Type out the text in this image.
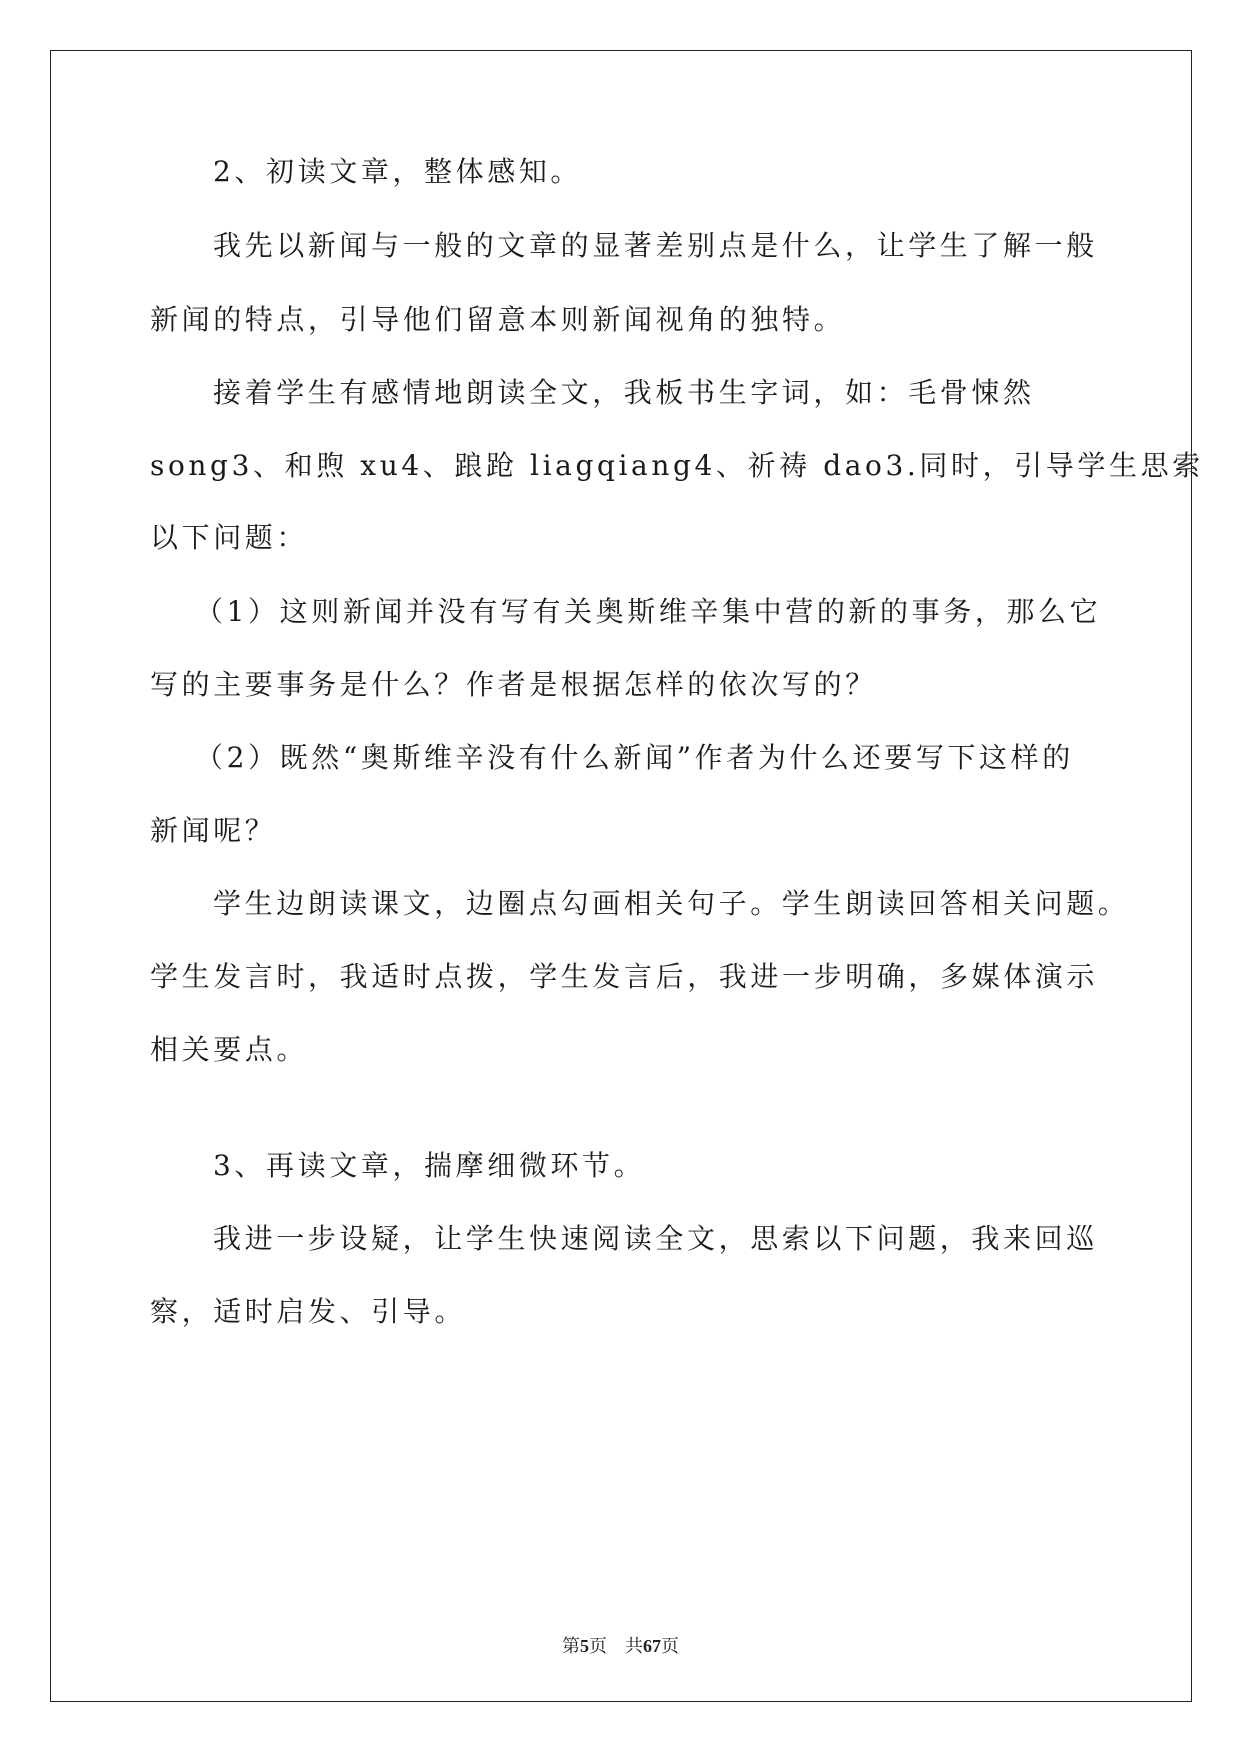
2、初读文章，整体感知。
我先以新闻与一般的文章的显著差别点是什么，让学生了解一般
新闻的特点，引导他们留意本则新闻视角的独特。
接着学生有感情地朗读全文，我板书生字词，如：毛骨悚然
song3、和煦 xu4、踉跄 liagqiang4、祈祷 dao3.同时，引导学生思索
以下问题：
（1）这则新闻并没有写有关奥斯维辛集中营的新的事务，那么它
写的主要事务是什么？作者是根据怎样的依次写的？
（2）既然“奥斯维辛没有什么新闻”作者为什么还要写下这样的
新闻呢？
学生边朗读课文，边圈点勾画相关句子。学生朗读回答相关问题。
学生发言时，我适时点拨，学生发言后，我进一步明确，多媒体演示
相关要点。
3、再读文章，揣摩细微环节。
我进一步设疑，让学生快速阅读全文，思索以下问题，我来回巡
察，适时启发、引导。
第5页 共67页
